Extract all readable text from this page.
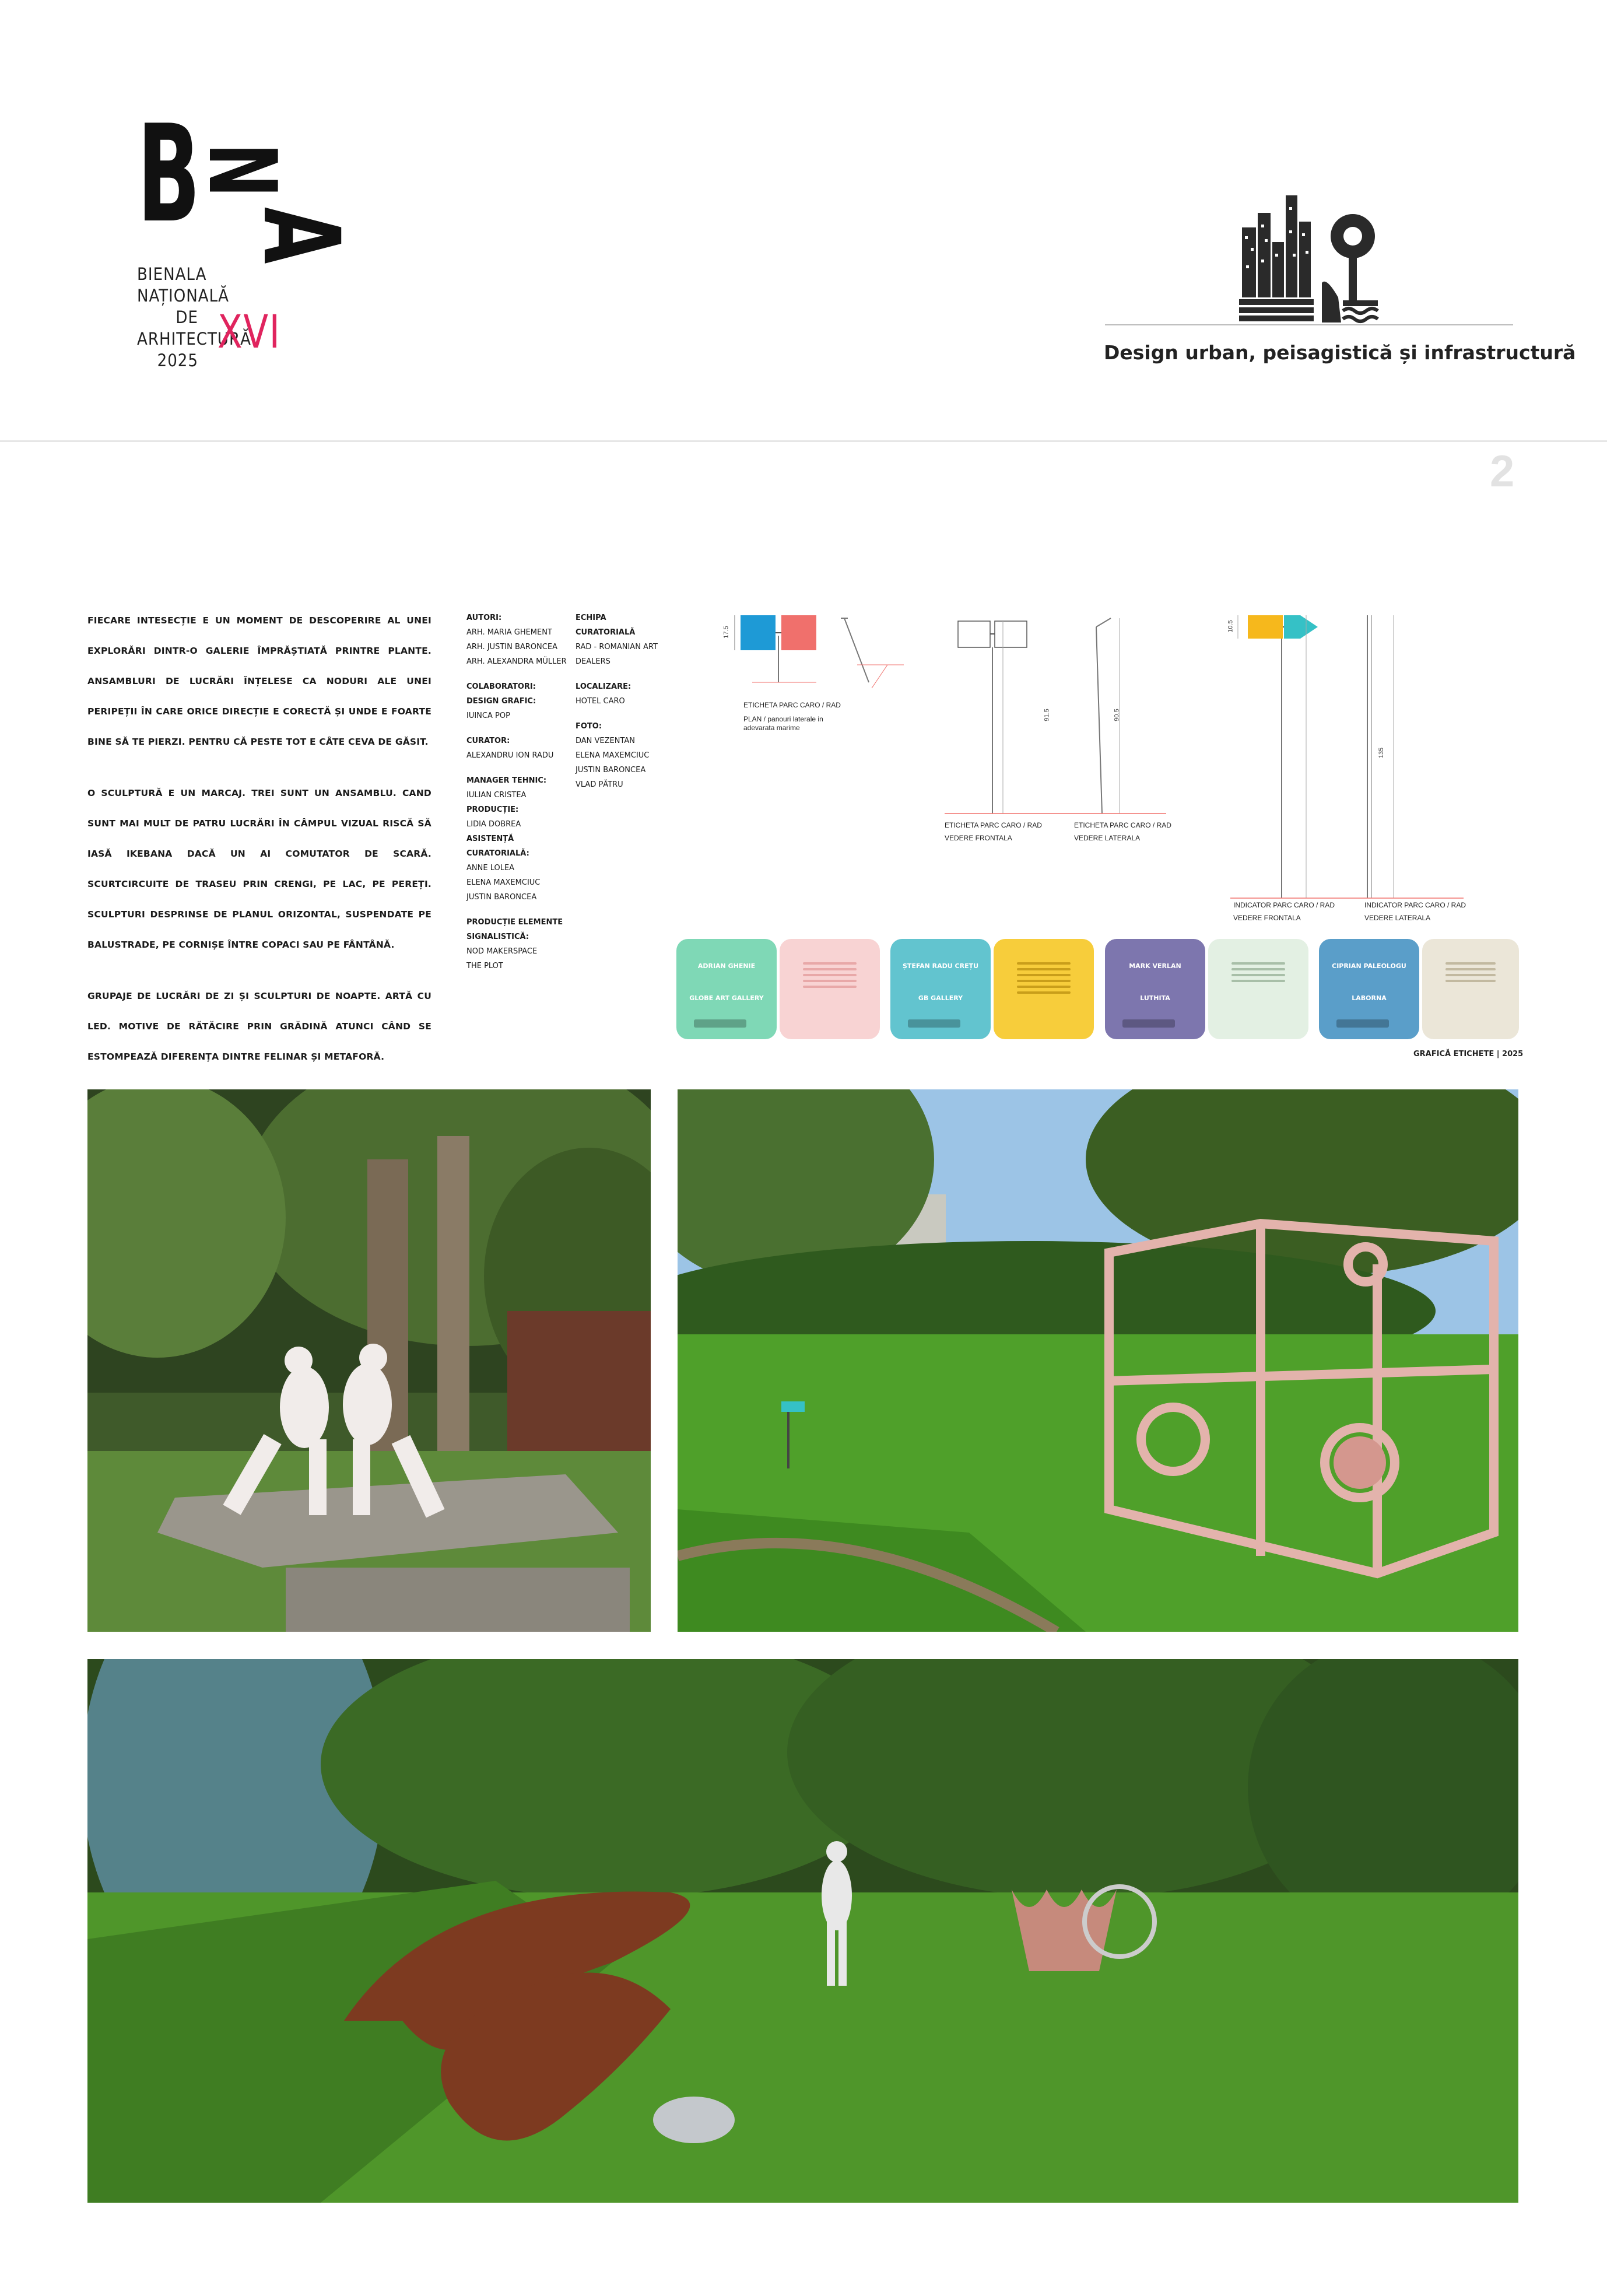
B
N
A
BIENALA
NAȚIONALĂ
DE
ARHITECTURĂ
2025
XVI	Design urban, peisagistică și infrastructură
2

FIECARE INTESECȚIE E UN MOMENT DE DESCOPERIRE AL UNEI EXPLORĂRI DINTR-O GALERIE ÎMPRĂȘTIATĂ PRINTRE PLANTE. ANSAMBLURI DE LUCRĂRI ÎNȚELESE CA NODURI ALE UNEI PERIPEȚII ÎN CARE ORICE DIRECȚIE E CORECTĂ ȘI UNDE E FOARTE BINE SĂ TE PIERZI. PENTRU CĂ PESTE TOT E CÂTE CEVA DE GĂSIT.

O SCULPTURĂ E UN MARCAJ. TREI SUNT UN ANSAMBLU. CAND SUNT MAI MULT DE PATRU LUCRĂRI ÎN CÂMPUL VIZUAL RISCĂ SĂ IASĂ IKEBANA DACĂ UN AI COMUTATOR DE SCARĂ. SCURTCIRCUITE DE TRASEU PRIN CRENGI, PE LAC, PE PEREȚI. SCULPTURI DESPRINSE DE PLANUL ORIZONTAL, SUSPENDATE PE BALUSTRADE, PE CORNIȘE ÎNTRE COPACI SAU PE FÂNTÂNĂ.

GRUPAJE DE LUCRĂRI DE ZI ȘI SCULPTURI DE NOAPTE. ARTĂ CU LED. MOTIVE DE RĂTĂCIRE PRIN GRĂDINĂ ATUNCI CÂND SE ESTOMPEAZĂ DIFERENȚA DINTRE FELINAR ȘI METAFORĂ.

AUTORI:
ARH. MARIA GHEMENT
ARH. JUSTIN BARONCEA
ARH. ALEXANDRA MÜLLER
COLABORATORI:
DESIGN GRAFIC:
IUINCA POP
CURATOR:
ALEXANDRU ION RADU
MANAGER TEHNIC:
IULIAN CRISTEA
PRODUCȚIE:
LIDIA DOBREA
ASISTENȚĂ CURATORIALĂ:
ANNE LOLEA
ELENA MAXEMCIUC
JUSTIN BARONCEA
PRODUCȚIE ELEMENTE SIGNALISTICĂ:
NOD MAKERSPACE
THE PLOT
ECHIPA CURATORIALĂ
RAD - ROMANIAN ART DEALERS
LOCALIZARE:
HOTEL CARO
FOTO:
DAN VEZENTAN
ELENA MAXEMCIUC
JUSTIN BARONCEA
VLAD PĂTRU
17.5
91.5	90.5
10.5
135
ETICHETA PARC CARO / RAD
PLAN / panouri laterale in adevarata marime
ETICHETA PARC CARO / RAD
VEDERE FRONTALA
ETICHETA PARC CARO / RAD
VEDERE LATERALA
INDICATOR PARC CARO / RAD
VEDERE FRONTALA
INDICATOR PARC CARO / RAD
VEDERE LATERALA
ADRIAN GHENIE
GLOBE ART GALLERY
ȘTEFAN RADU CREȚU
GB GALLERY
MARK VERLAN
LUTHITA
CIPRIAN PALEOLOGU
LABORNA
GRAFICĂ ETICHETE | 2025
